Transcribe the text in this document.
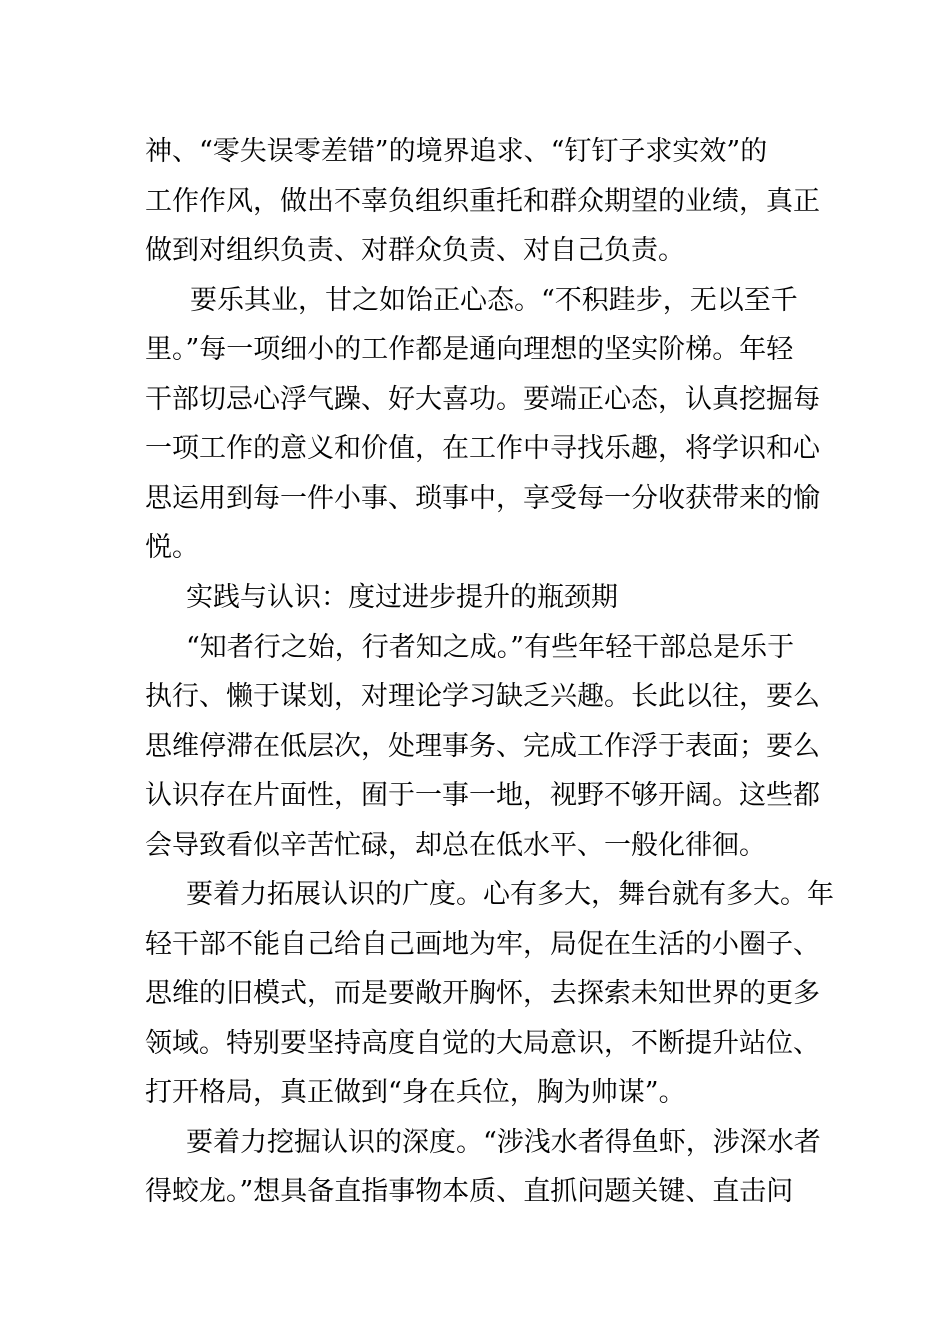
神、“零失误零差错”的境界追求、“钉钉子求实效”的
工作作风，做出不辜负组织重托和群众期望的业绩，真正
做到对组织负责、对群众负责、对自己负责。
要乐其业，甘之如饴正心态。“不积跬步，无以至千
里。”每一项细小的工作都是通向理想的坚实阶梯。年轻
干部切忌心浮气躁、好大喜功。要端正心态，认真挖掘每
一项工作的意义和价值，在工作中寻找乐趣，将学识和心
思运用到每一件小事、琐事中，享受每一分收获带来的愉
悦。
实践与认识：度过进步提升的瓶颈期
“知者行之始，行者知之成。”有些年轻干部总是乐于
执行、懒于谋划，对理论学习缺乏兴趣。长此以往，要么
思维停滞在低层次，处理事务、完成工作浮于表面；要么
认识存在片面性，囿于一事一地，视野不够开阔。这些都
会导致看似辛苦忙碌，却总在低水平、一般化徘徊。
要着力拓展认识的广度。心有多大，舞台就有多大。年
轻干部不能自己给自己画地为牢，局促在生活的小圈子、
思维的旧模式，而是要敞开胸怀，去探索未知世界的更多
领域。特别要坚持高度自觉的大局意识，不断提升站位、
打开格局，真正做到“身在兵位，胸为帅谋”。
要着力挖掘认识的深度。“涉浅水者得鱼虾，涉深水者
得蛟龙。”想具备直指事物本质、直抓问题关键、直击问
